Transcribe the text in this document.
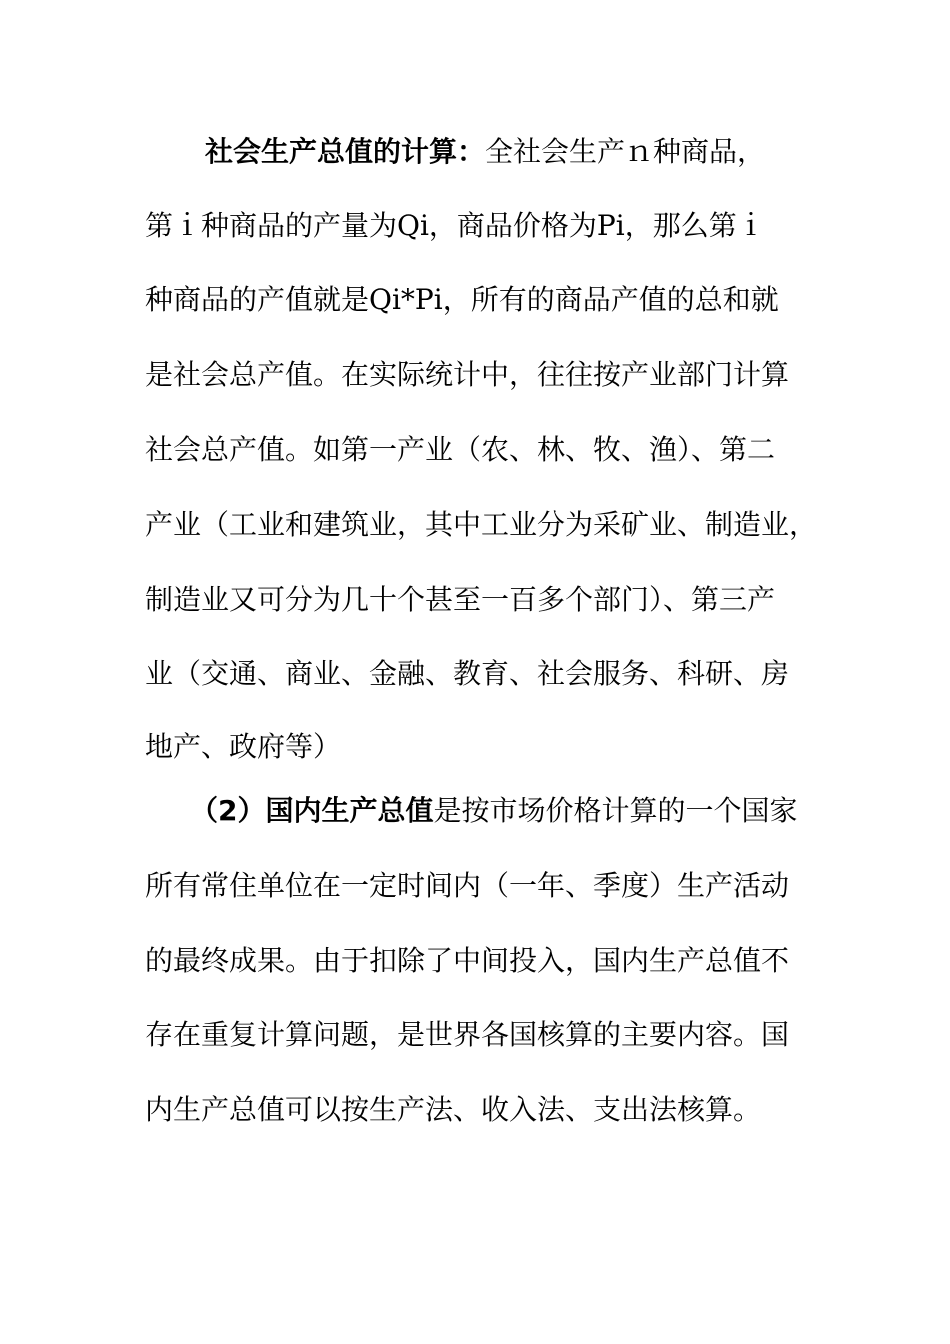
社会生产总值的计算：全社会生产ｎ种商品，
第ｉ种商品的产量为Qi，商品价格为Pi，那么第ｉ
种商品的产值就是Qi*Pi，所有的商品产值的总和就
是社会总产值。在实际统计中，往往按产业部门计算
社会总产值。如第一产业（农、林、牧、渔）、第二
产业（工业和建筑业，其中工业分为采矿业、制造业，
制造业又可分为几十个甚至一百多个部门）、第三产
业（交通、商业、金融、教育、社会服务、科研、房
地产、政府等）
（2）国内生产总值是按市场价格计算的一个国家
所有常住单位在一定时间内（一年、季度）生产活动
的最终成果。由于扣除了中间投入，国内生产总值不
存在重复计算问题，是世界各国核算的主要内容。国
内生产总值可以按生产法、收入法、支出法核算。
